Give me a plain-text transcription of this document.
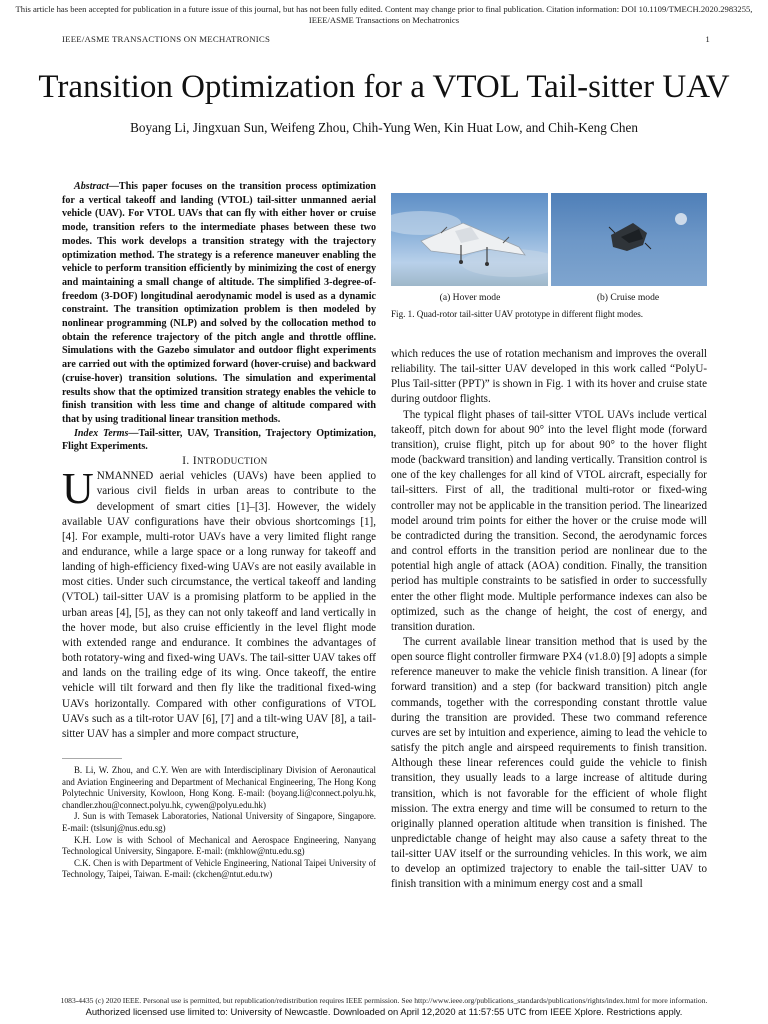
This article has been accepted for publication in a future issue of this journal, but has not been fully edited. Content may change prior to final publication. Citation information: DOI 10.1109/TMECH.2020.2983255, IEEE/ASME Transactions on Mechatronics
IEEE/ASME TRANSACTIONS ON MECHATRONICS	1
Transition Optimization for a VTOL Tail-sitter UAV
Boyang Li, Jingxuan Sun, Weifeng Zhou, Chih-Yung Wen, Kin Huat Low, and Chih-Keng Chen

Abstract—This paper focuses on the transition process optimization for a vertical takeoff and landing (VTOL) tail-sitter unmanned aerial vehicle (UAV). For VTOL UAVs that can fly with either hover or cruise mode, transition refers to the intermediate phases between these two modes. This work develops a transition strategy with the trajectory optimization method. The strategy is a reference maneuver enabling the vehicle to perform transition efficiently by minimizing the cost of energy and maintaining a small change of altitude. The simplified 3-degree-of-freedom (3-DOF) longitudinal aerodynamic model is used as a dynamic constraint. The transition optimization problem is then modeled by nonlinear programming (NLP) and solved by the collocation method to obtain the reference trajectory of the pitch angle and throttle offline. Simulations with the Gazebo simulator and outdoor flight experiments are carried out with the optimized forward (hover-cruise) and backward (cruise-hover) transition solutions. The simulation and experimental results show that the optimized transition strategy enables the vehicle to finish transition with less time and change of altitude compared with that by using traditional linear transition methods.

Index Terms—Tail-sitter, UAV, Transition, Trajectory Optimization, Flight Experiments.

I. INTRODUCTION

UNMANNED aerial vehicles (UAVs) have been applied to various civil fields in urban areas to contribute to the development of smart cities [1]–[3]. However, the widely available UAV configurations have their obvious shortcomings [1], [4]. For example, multi-rotor UAVs have a very limited flight range and endurance, while a large space or a long runway for takeoff and landing of high-efficiency fixed-wing UAVs are not easily available in most cities. Under such circumstance, the vertical takeoff and landing (VTOL) tail-sitter UAV is a promising platform to be applied in the urban areas [4], [5], as they can not only takeoff and land vertically in the hover mode, but also cruise efficiently in the level flight mode with extended range and endurance. It combines the advantages of both rotatory-wing and fixed-wing UAVs. The tail-sitter UAV takes off and lands on the trailing edge of its wing. Once takeoff, the entire vehicle will tilt forward and then fly like the traditional fixed-wing UAVs horizontally. Compared with other configurations of VTOL UAVs such as a tilt-rotor UAV [6], [7] and a tilt-wing UAV [8], a tail-sitter UAV has a simpler and more compact structure,

B. Li, W. Zhou, and C.Y. Wen are with Interdisciplinary Division of Aeronautical and Aviation Engineering and Department of Mechanical Engineering, The Hong Kong Polytechnic University, Kowloon, Hong Kong. E-mail: (boyang.li@connect.polyu.hk, chandler.zhou@connect.polyu.hk, cywen@polyu.edu.hk)

J. Sun is with Temasek Laboratories, National University of Singapore, Singapore. E-mail: (tslsunj@nus.edu.sg)

K.H. Low is with School of Mechanical and Aerospace Engineering, Nanyang Technological University, Singapore. E-mail: (mkhlow@ntu.edu.sg)

C.K. Chen is with Department of Vehicle Engineering, National Taipei University of Technology, Taipei, Taiwan. E-mail: (ckchen@ntut.edu.tw)

(a) Hover mode	(b) Cruise mode
Fig. 1. Quad-rotor tail-sitter UAV prototype in different flight modes.

which reduces the use of rotation mechanism and improves the overall reliability. The tail-sitter UAV developed in this work called “PolyU-Plus Tail-sitter (PPT)” is shown in Fig. 1 with its hover and cruise state during outdoor flights.

The typical flight phases of tail-sitter VTOL UAVs include vertical takeoff, pitch down for about 90° into the level flight mode (forward transition), cruise flight, pitch up for about 90° to the hover flight mode (backward transition) and landing vertically. Transition control is one of the key challenges for all kind of VTOL aircraft, especially for tail-sitters. First of all, the traditional multi-rotor or fixed-wing controller may not be applicable in the transition period. The linearized model around trim points for either the hover or the cruise mode will be contradicted during the transition. Second, the aerodynamic forces and control efforts in the transition period are nonlinear due to the potential high angle of attack (AOA) condition. Finally, the transition period has multiple constraints to be satisfied in order to successfully enter the other flight mode. Multiple performance indexes can also be optimized, such as the change of height, the cost of energy, and transition duration.

The current available linear transition method that is used by the open source flight controller firmware PX4 (v1.8.0) [9] adopts a simple reference maneuver to make the vehicle finish transition. A linear (for forward transition) and a step (for backward transition) pitch angle commands, together with the corresponding constant throttle value during the transition are provided. These two command reference curves are set by intuition and experience, aiming to lead the vehicle to satisfy the pitch angle and airspeed requirements to finish transition. Although these linear references could guide the vehicle to finish transition, they usually leads to a large increase of altitude during transition, which is not favorable for the efficient of whole flight mission. The extra energy and time will be consumed to return to the originally planned operation altitude when transition is finished. The unpredictable change of height may also cause a safety threat to the tail-sitter UAV itself or the surrounding vehicles. In this work, we aim to develop an optimized trajectory to enable the tail-sitter UAV to finish transition with a minimum energy cost and a small

1083-4435 (c) 2020 IEEE. Personal use is permitted, but republication/redistribution requires IEEE permission. See http://www.ieee.org/publications_standards/publications/rights/index.html for more information.
Authorized licensed use limited to: University of Newcastle. Downloaded on April 12,2020 at 11:57:55 UTC from IEEE Xplore. Restrictions apply.
